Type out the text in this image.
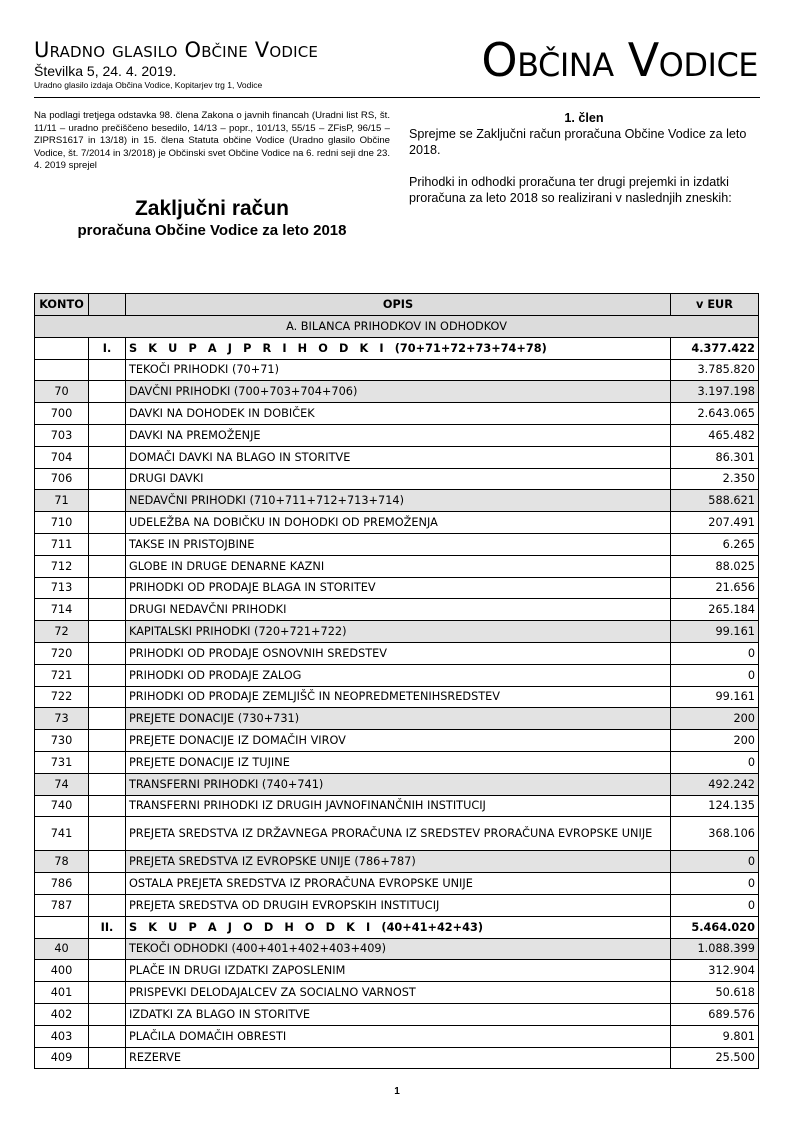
Uradno glasilo Občine Vodice
Številka 5, 24. 4. 2019.
Uradno glasilo izdaja Občina Vodice, Kopitarjev trg 1, Vodice	Občina Vodice
Na podlagi tretjega odstavka 98. člena Zakona o javnih financah (Uradni list RS, št. 11/11 – uradno prečiščeno besedilo, 14/13 – popr., 101/13, 55/15 – ZFisP, 96/15 – ZIPRS1617 in 13/18) in 15. člena Statuta občine Vodice (Uradno glasilo Občine Vodice, št. 7/2014 in 3/2018) je Občinski svet Občine Vodice na 6. redni seji dne 23. 4. 2019 sprejel
Zaključni račun
proračuna Občine Vodice za leto 2018
1. člen

Sprejme se Zaključni račun proračuna Občine Vodice za leto 2018.

Prihodki in odhodki proračuna ter drugi prejemki in izdatki proračuna za leto 2018 so realizirani v naslednjih zneskih:

KONTO		OPIS	v EUR
A. BILANCA PRIHODKOV IN ODHODKOV			
	I.	S K U P A J P R I H O D K I (70+71+72+73+74+78)	4.377.422
		TEKOČI PRIHODKI (70+71)	3.785.820
70		DAVČNI PRIHODKI (700+703+704+706)	3.197.198
700		DAVKI NA DOHODEK IN DOBIČEK	2.643.065
703		DAVKI NA PREMOŽENJE	465.482
704		DOMAČI DAVKI NA BLAGO IN STORITVE	86.301
706		DRUGI DAVKI	2.350
71		NEDAVČNI PRIHODKI (710+711+712+713+714)	588.621
710		UDELEŽBA NA DOBIČKU IN DOHODKI OD PREMOŽENJA	207.491
711		TAKSE IN PRISTOJBINE	6.265
712		GLOBE IN DRUGE DENARNE KAZNI	88.025
713		PRIHODKI OD PRODAJE BLAGA IN STORITEV	21.656
714		DRUGI NEDAVČNI PRIHODKI	265.184
72		KAPITALSKI PRIHODKI (720+721+722)	99.161
720		PRIHODKI OD PRODAJE OSNOVNIH SREDSTEV	0
721		PRIHODKI OD PRODAJE ZALOG	0
722		PRIHODKI OD PRODAJE ZEMLJIŠČ IN NEOPREDMETENIHSREDSTEV	99.161
73		PREJETE DONACIJE (730+731)	200
730		PREJETE DONACIJE IZ DOMAČIH VIROV	200
731		PREJETE DONACIJE IZ TUJINE	0
74		TRANSFERNI PRIHODKI (740+741)	492.242
740		TRANSFERNI PRIHODKI IZ DRUGIH JAVNOFINANČNIH INSTITUCIJ	124.135
741		PREJETA SREDSTVA IZ DRŽAVNEGA PRORAČUNA IZ SREDSTEV PRORAČUNA EVROPSKE UNIJE	368.106
78		PREJETA SREDSTVA IZ EVROPSKE UNIJE (786+787)	0
786		OSTALA PREJETA SREDSTVA IZ PRORAČUNA EVROPSKE UNIJE	0
787		PREJETA SREDSTVA OD DRUGIH EVROPSKIH INSTITUCIJ	0
	II.	S K U P A J O D H O D K I (40+41+42+43)	5.464.020
40		TEKOČI ODHODKI (400+401+402+403+409)	1.088.399
400		PLAČE IN DRUGI IZDATKI ZAPOSLENIM	312.904
401		PRISPEVKI DELODAJALCEV ZA SOCIALNO VARNOST	50.618
402		IZDATKI ZA BLAGO IN STORITVE	689.576
403		PLAČILA DOMAČIH OBRESTI	9.801
409		REZERVE	25.500
1
